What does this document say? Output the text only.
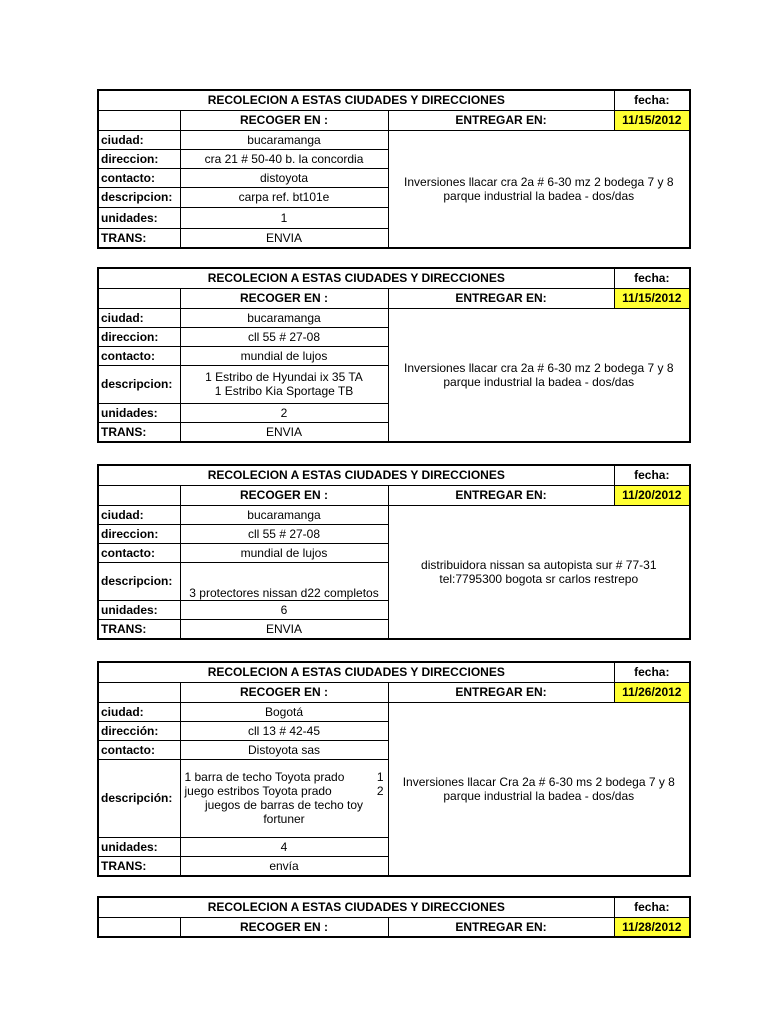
RECOLECION A ESTAS CIUDADES Y DIRECCIONES			fecha:
	RECOGER EN :	ENTREGAR EN:	11/15/2012
ciudad:	bucaramanga	Inversiones llacar cra 2a # 6-30 mz 2 bodega 7 y 8 parque industrial la badea - dos/das	
direccion:	cra 21 # 50-40 b. la concordia		
contacto:	distoyota		
descripcion:	carpa ref. bt101e		
unidades:	1		
TRANS:	ENVIA		
RECOLECION A ESTAS CIUDADES Y DIRECCIONES			fecha:
	RECOGER EN :	ENTREGAR EN:	11/15/2012
ciudad:	bucaramanga	Inversiones llacar cra 2a # 6-30 mz 2 bodega 7 y 8 parque industrial la badea - dos/das	
direccion:	cll 55 # 27-08		
contacto:	mundial de lujos		
descripcion:	1 Estribo de Hyundai ix 35 TA
1 Estribo Kia Sportage TB		

unidades:	2		
TRANS:	ENVIA		
RECOLECION A ESTAS CIUDADES Y DIRECCIONES			fecha:
	RECOGER EN :	ENTREGAR EN:	11/20/2012
ciudad:	bucaramanga	distribuidora nissan sa autopista sur # 77-31 tel:7795300 bogota sr carlos restrepo	
direccion:	cll 55 # 27-08		
contacto:	mundial de lujos		
descripcion:	3 protectores nissan d22 completos		
unidades:	6		
TRANS:	ENVIA		
RECOLECION A ESTAS CIUDADES Y DIRECCIONES			fecha:
	RECOGER EN :	ENTREGAR EN:	11/26/2012
ciudad:	Bogotá	Inversiones llacar Cra 2a # 6-30 ms 2 bodega 7 y 8 parque industrial la badea - dos/das	
dirección:	cll 13 # 42-45		
contacto:	Distoyota sas		
descripción:	1 barra de techo Toyota prado 1
juego estribos Toyota prado 2
juegos de barras de techo toy fortuner		

unidades:	4		
TRANS:	envía		
RECOLECION A ESTAS CIUDADES Y DIRECCIONES			fecha:
	RECOGER EN :	ENTREGAR EN:	11/28/2012
